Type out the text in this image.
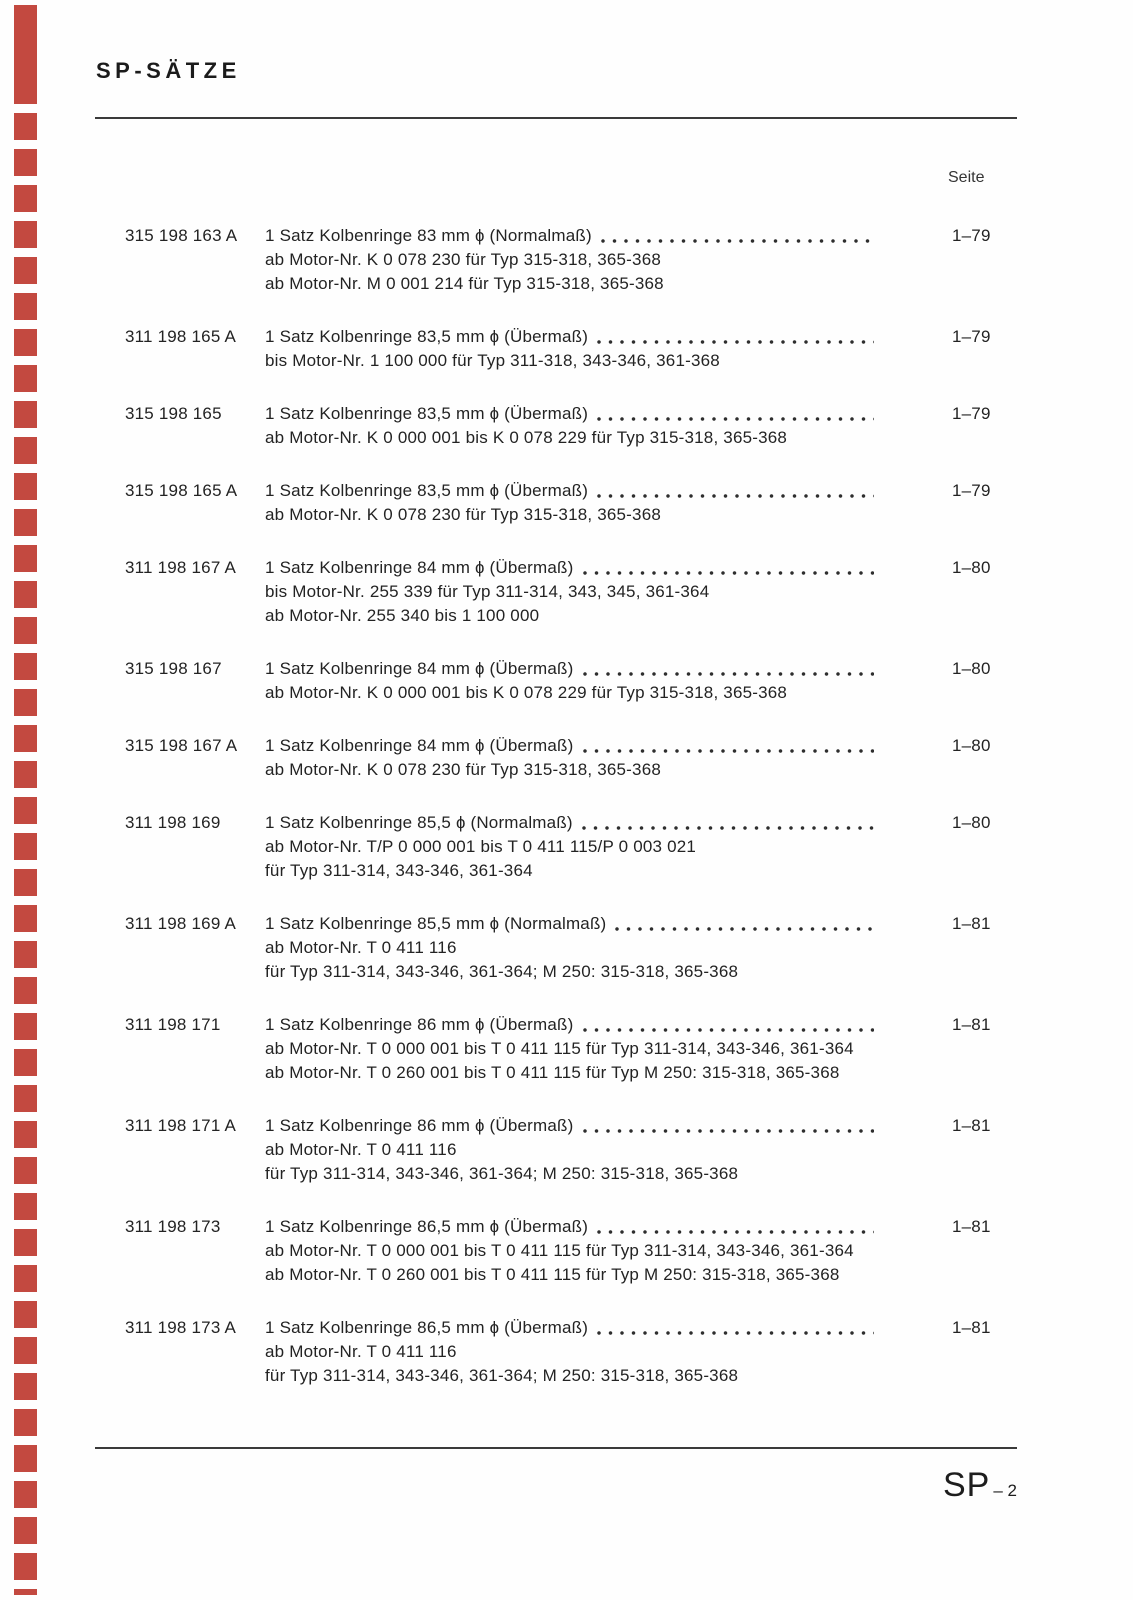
SP-SÄTZE
Seite
315 198 163 A	1 Satz Kolbenringe 83 mm ɸ (Normalmaß)
ab Motor-Nr. K 0 078 230 für Typ 315-318, 365-368
ab Motor-Nr. M 0 001 214 für Typ 315-318, 365-368
1–79
311 198 165 A	1 Satz Kolbenringe 83,5 mm ɸ (Übermaß)
bis Motor-Nr. 1 100 000 für Typ 311-318, 343-346, 361-368
1–79
315 198 165	1 Satz Kolbenringe 83,5 mm ɸ (Übermaß)
ab Motor-Nr. K 0 000 001 bis K 0 078 229 für Typ 315-318, 365-368
1–79
315 198 165 A	1 Satz Kolbenringe 83,5 mm ɸ (Übermaß)
ab Motor-Nr. K 0 078 230 für Typ 315-318, 365-368
1–79
311 198 167 A	1 Satz Kolbenringe 84 mm ɸ (Übermaß)
bis Motor-Nr. 255 339 für Typ 311-314, 343, 345, 361-364
ab Motor-Nr. 255 340 bis 1 100 000
1–80
315 198 167	1 Satz Kolbenringe 84 mm ɸ (Übermaß)
ab Motor-Nr. K 0 000 001 bis K 0 078 229 für Typ 315-318, 365-368
1–80
315 198 167 A	1 Satz Kolbenringe 84 mm ɸ (Übermaß)
ab Motor-Nr. K 0 078 230 für Typ 315-318, 365-368
1–80
311 198 169	1 Satz Kolbenringe 85,5 ɸ (Normalmaß)
ab Motor-Nr. T/P 0 000 001 bis T 0 411 115/P 0 003 021
für Typ 311-314, 343-346, 361-364
1–80
311 198 169 A	1 Satz Kolbenringe 85,5 mm ɸ (Normalmaß)
ab Motor-Nr. T 0 411 116
für Typ 311-314, 343-346, 361-364; M 250: 315-318, 365-368
1–81
311 198 171	1 Satz Kolbenringe 86 mm ɸ (Übermaß)
ab Motor-Nr. T 0 000 001 bis T 0 411 115 für Typ 311-314, 343-346, 361-364
ab Motor-Nr. T 0 260 001 bis T 0 411 115 für Typ M 250: 315-318, 365-368
1–81
311 198 171 A	1 Satz Kolbenringe 86 mm ɸ (Übermaß)
ab Motor-Nr. T 0 411 116
für Typ 311-314, 343-346, 361-364; M 250: 315-318, 365-368
1–81
311 198 173	1 Satz Kolbenringe 86,5 mm ɸ (Übermaß)
ab Motor-Nr. T 0 000 001 bis T 0 411 115 für Typ 311-314, 343-346, 361-364
ab Motor-Nr. T 0 260 001 bis T 0 411 115 für Typ M 250: 315-318, 365-368
1–81
311 198 173 A	1 Satz Kolbenringe 86,5 mm ɸ (Übermaß)
ab Motor-Nr. T 0 411 116
für Typ 311-314, 343-346, 361-364; M 250: 315-318, 365-368
1–81
SP – 2
